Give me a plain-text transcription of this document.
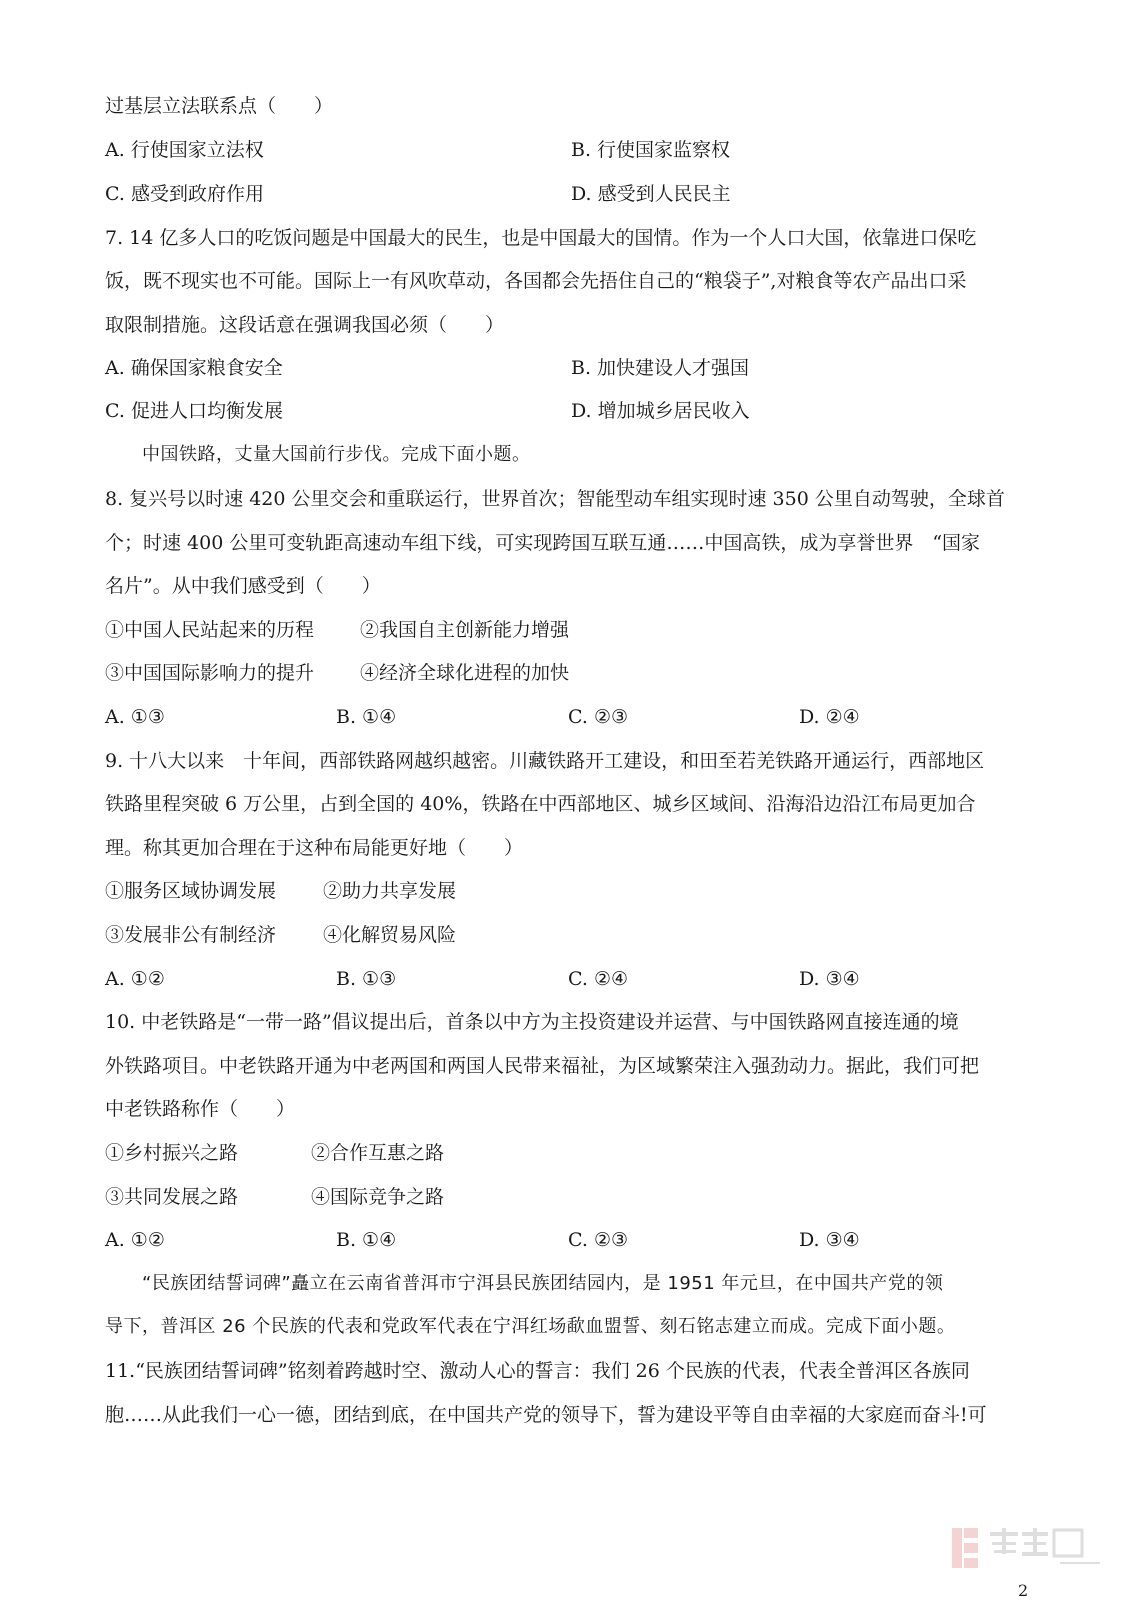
过基层立法联系点（　　）
A. 行使国家立法权	B. 行使国家监察权
C. 感受到政府作用	D. 感受到人民民主
7. 14 亿多人口的吃饭问题是中国最大的民生，也是中国最大的国情。作为一个人口大国，依靠进口保吃
饭，既不现实也不可能。国际上一有风吹草动，各国都会先捂住自己的“粮袋子”,对粮食等农产品出口采
取限制措施。这段话意在强调我国必须（　　）
A. 确保国家粮食安全	B. 加快建设人才强国
C. 促进人口均衡发展	D. 增加城乡居民收入
中国铁路，丈量大国前行步伐。完成下面小题。
8. 复兴号以时速 420 公里交会和重联运行，世界首次；智能型动车组实现时速 350 公里自动驾驶，全球首
个；时速 400 公里可变轨距高速动车组下线，可实现跨国互联互通……中国高铁，成为享誉世界　“国家
名片”。从中我们感受到（　　）
①中国人民站起来的历程 ②我国自主创新能力增强
③中国国际影响力的提升 ④经济全球化进程的加快
A. ①③	B. ①④	C. ②③	D. ②④
9. 十八大以来　十年间，西部铁路网越织越密。川藏铁路开工建设，和田至若羌铁路开通运行，西部地区
铁路里程突破 6 万公里，占到全国的 40%，铁路在中西部地区、城乡区域间、沿海沿边沿江布局更加合
理。称其更加合理在于这种布局能更好地（　　）
①服务区域协调发展 ②助力共享发展
③发展非公有制经济 ④化解贸易风险
A. ①②	B. ①③	C. ②④	D. ③④
10. 中老铁路是“一带一路”倡议提出后，首条以中方为主投资建设并运营、与中国铁路网直接连通的境
外铁路项目。中老铁路开通为中老两国和两国人民带来福祉，为区域繁荣注入强劲动力。据此，我们可把
中老铁路称作（　　）
①乡村振兴之路	②合作互惠之路
③共同发展之路	④国际竞争之路
A. ①②	B. ①④	C. ②③	D. ③④
“民族团结誓词碑”矗立在云南省普洱市宁洱县民族团结园内，是 1951 年元旦，在中国共产党的领
导下，普洱区 26 个民族的代表和党政军代表在宁洱红场歃血盟誓、刻石铭志建立而成。完成下面小题。
11.“民族团结誓词碑”铭刻着跨越时空、激动人心的誓言：我们 26 个民族的代表，代表全普洱区各族同
胞……从此我们一心一德，团结到底，在中国共产党的领导下，誓为建设平等自由幸福的大家庭而奋斗!可
2
